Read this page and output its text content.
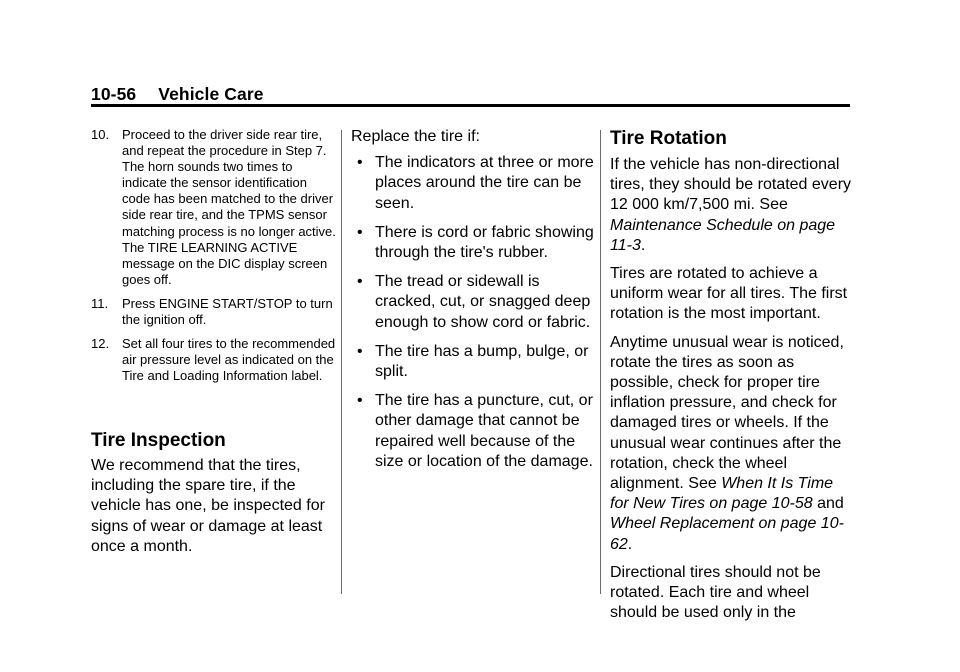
10-56 Vehicle Care
10. Proceed to the driver side rear tire, and repeat the procedure in Step 7. The horn sounds two times to indicate the sensor identification code has been matched to the driver side rear tire, and the TPMS sensor matching process is no longer active. The TIRE LEARNING ACTIVE message on the DIC display screen goes off.
11.	Press ENGINE START/STOP to turn the ignition off.
12. Set all four tires to the recommended air pressure level as indicated on the Tire and Loading Information label.
Tire Inspection

We recommend that the tires, including the spare tire, if the vehicle has one, be inspected for signs of wear or damage at least once a month.

Replace the tire if:

• The indicators at three or more places around the tire can be seen.
• There is cord or fabric showing through the tire's rubber.
• The tread or sidewall is cracked, cut, or snagged deep enough to show cord or fabric.
• The tire has a bump, bulge, or split.
• The tire has a puncture, cut, or other damage that cannot be repaired well because of the size or location of the damage.
Tire Rotation

If the vehicle has non-directional tires, they should be rotated every 12 000 km/7,500 mi. See Maintenance Schedule on page 11-3.

Tires are rotated to achieve a uniform wear for all tires. The first rotation is the most important.

Anytime unusual wear is noticed, rotate the tires as soon as possible, check for proper tire inflation pressure, and check for damaged tires or wheels. If the unusual wear continues after the rotation, check the wheel alignment. See When It Is Time for New Tires on page 10-58 and Wheel Replacement on page 10-62.

Directional tires should not be rotated. Each tire and wheel should be used only in the
